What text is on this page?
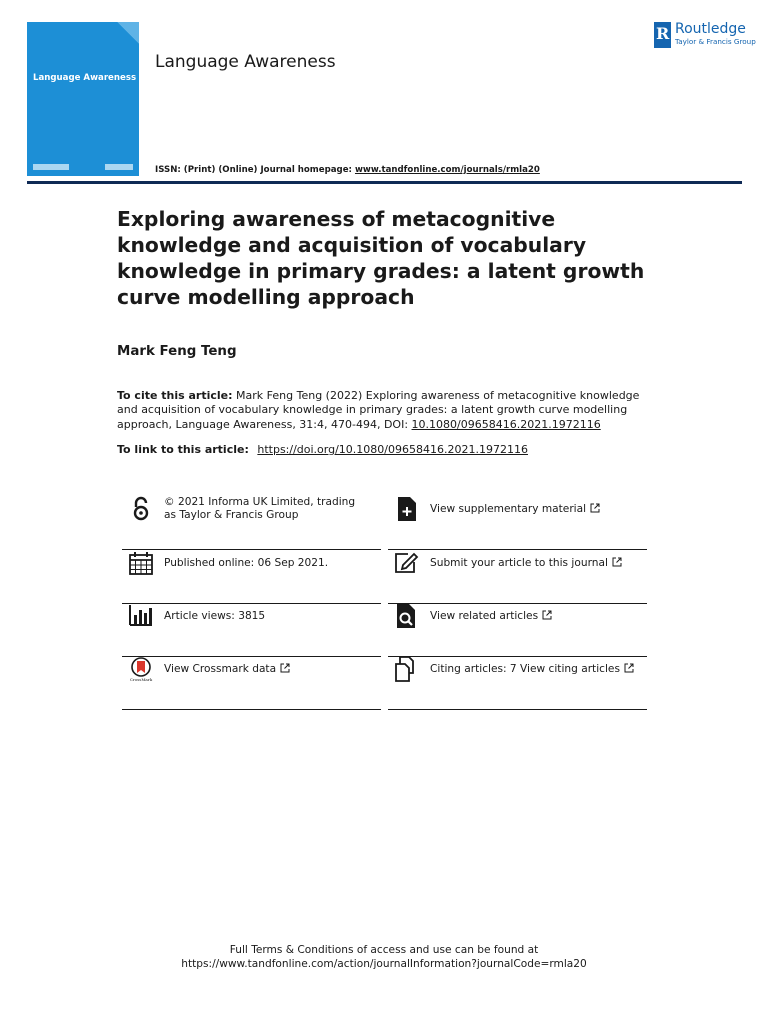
Language Awareness
Language Awareness
ISSN: (Print) (Online) Journal homepage: www.tandfonline.com/journals/rmla20
R
Routledge
Taylor & Francis Group
Exploring awareness of metacognitive knowledge and acquisition of vocabulary knowledge in primary grades: a latent growth curve modelling approach
Mark Feng Teng
To cite this article: Mark Feng Teng (2022) Exploring awareness of metacognitive knowledge and acquisition of vocabulary knowledge in primary grades: a latent growth curve modelling approach, Language Awareness, 31:4, 470-494, DOI: 10.1080/09658416.2021.1972116
To link to this article: https://doi.org/10.1080/09658416.2021.1972116
© 2021 Informa UK Limited, trading as Taylor & Francis Group
Published online: 06 Sep 2021.
Article views: 3815
CrossMark
View Crossmark data
View supplementary material
Submit your article to this journal
View related articles
Citing articles: 7 View citing articles
Full Terms & Conditions of access and use can be found at
https://www.tandfonline.com/action/journalInformation?journalCode=rmla20
